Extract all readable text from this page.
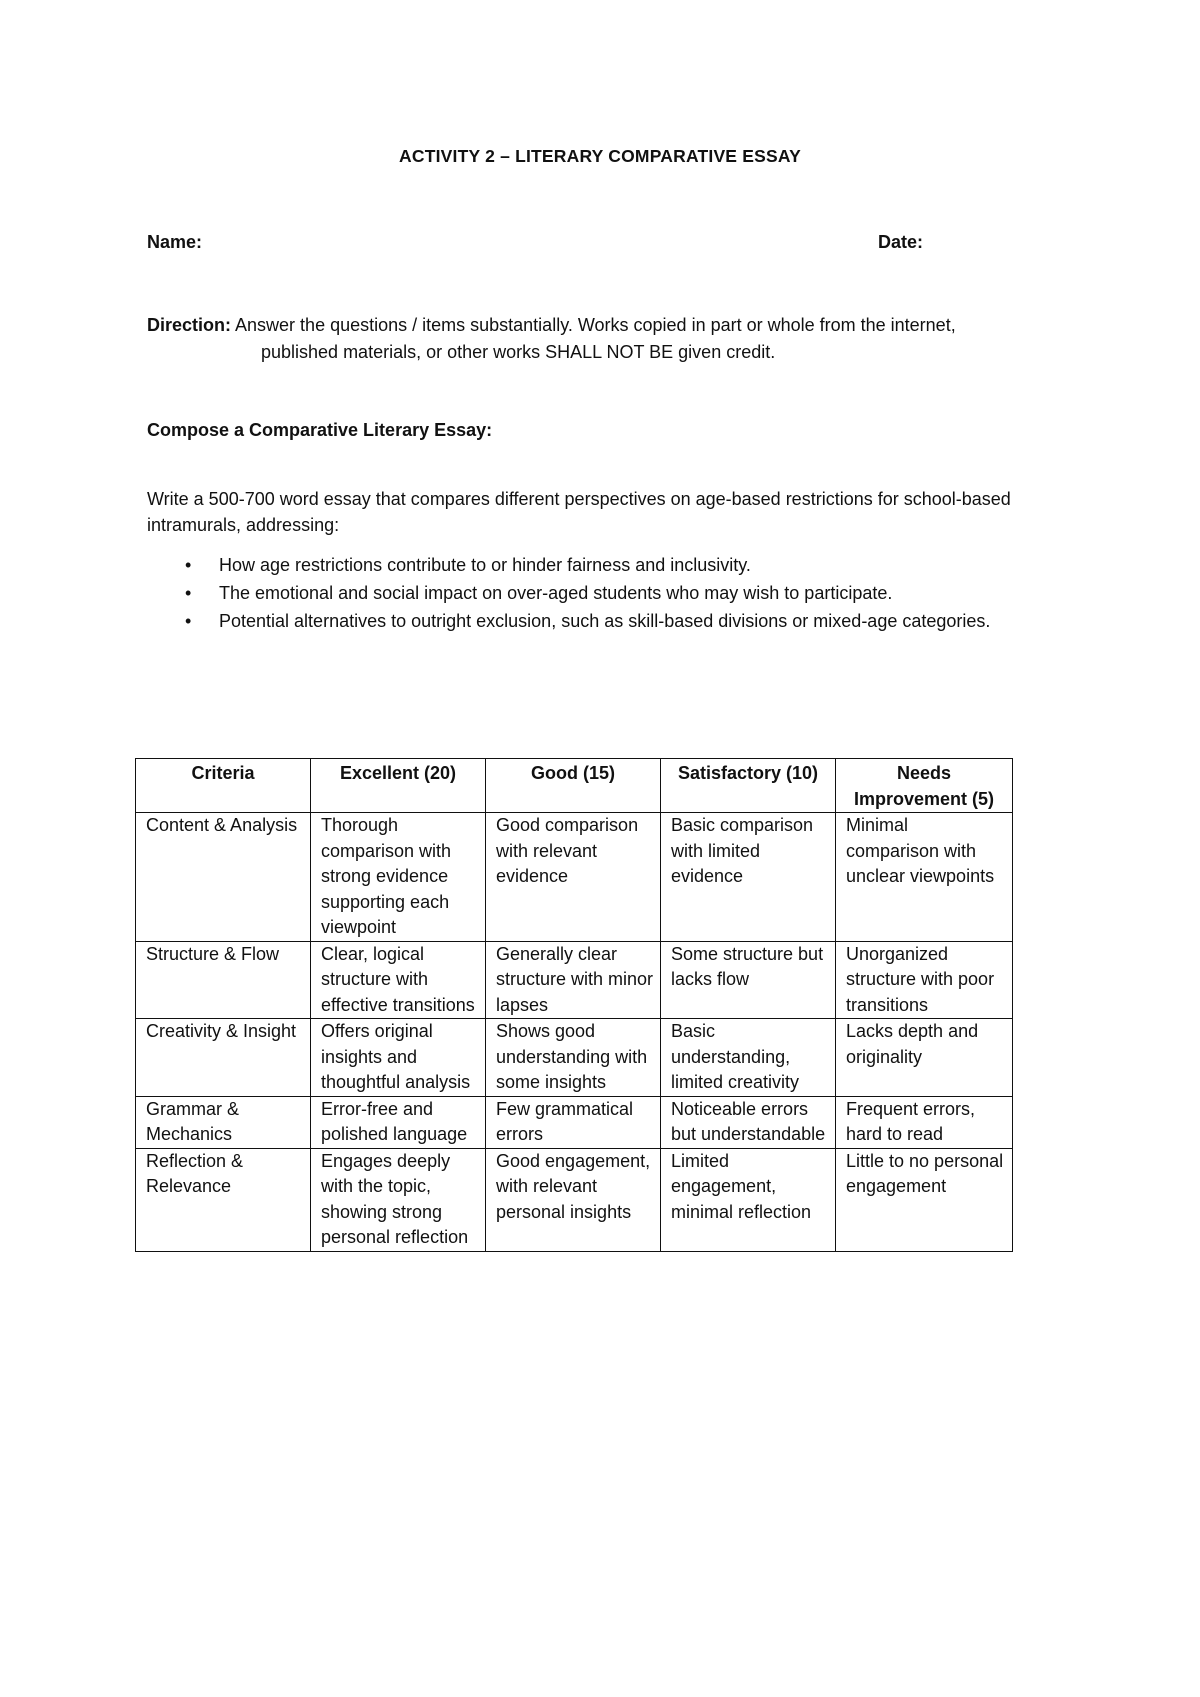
ACTIVITY 2 – LITERARY COMPARATIVE ESSAY
Name:	Date:
Direction: Answer the questions / items substantially. Works copied in part or whole from the internet,
published materials, or other works SHALL NOT BE given credit.
Compose a Comparative Literary Essay:
Write a 500-700 word essay that compares different perspectives on age-based restrictions for school-based intramurals, addressing:
• How age restrictions contribute to or hinder fairness and inclusivity.
• The emotional and social impact on over-aged students who may wish to participate.
• Potential alternatives to outright exclusion, such as skill-based divisions or mixed-age categories.
Criteria	Excellent (20)	Good (15)	Satisfactory (10)	Needs Improvement (5)
Content & Analysis	Thorough comparison with strong evidence supporting each viewpoint	Good comparison with relevant evidence	Basic comparison with limited evidence	Minimal comparison with unclear viewpoints
Structure & Flow	Clear, logical structure with effective transitions	Generally clear structure with minor lapses	Some structure but lacks flow	Unorganized structure with poor transitions
Creativity & Insight	Offers original insights and thoughtful analysis	Shows good understanding with some insights	Basic understanding, limited creativity	Lacks depth and originality
Grammar & Mechanics	Error-free and polished language	Few grammatical errors	Noticeable errors but understandable	Frequent errors, hard to read
Reflection & Relevance	Engages deeply with the topic, showing strong personal reflection	Good engagement, with relevant personal insights	Limited engagement, minimal reflection	Little to no personal engagement
